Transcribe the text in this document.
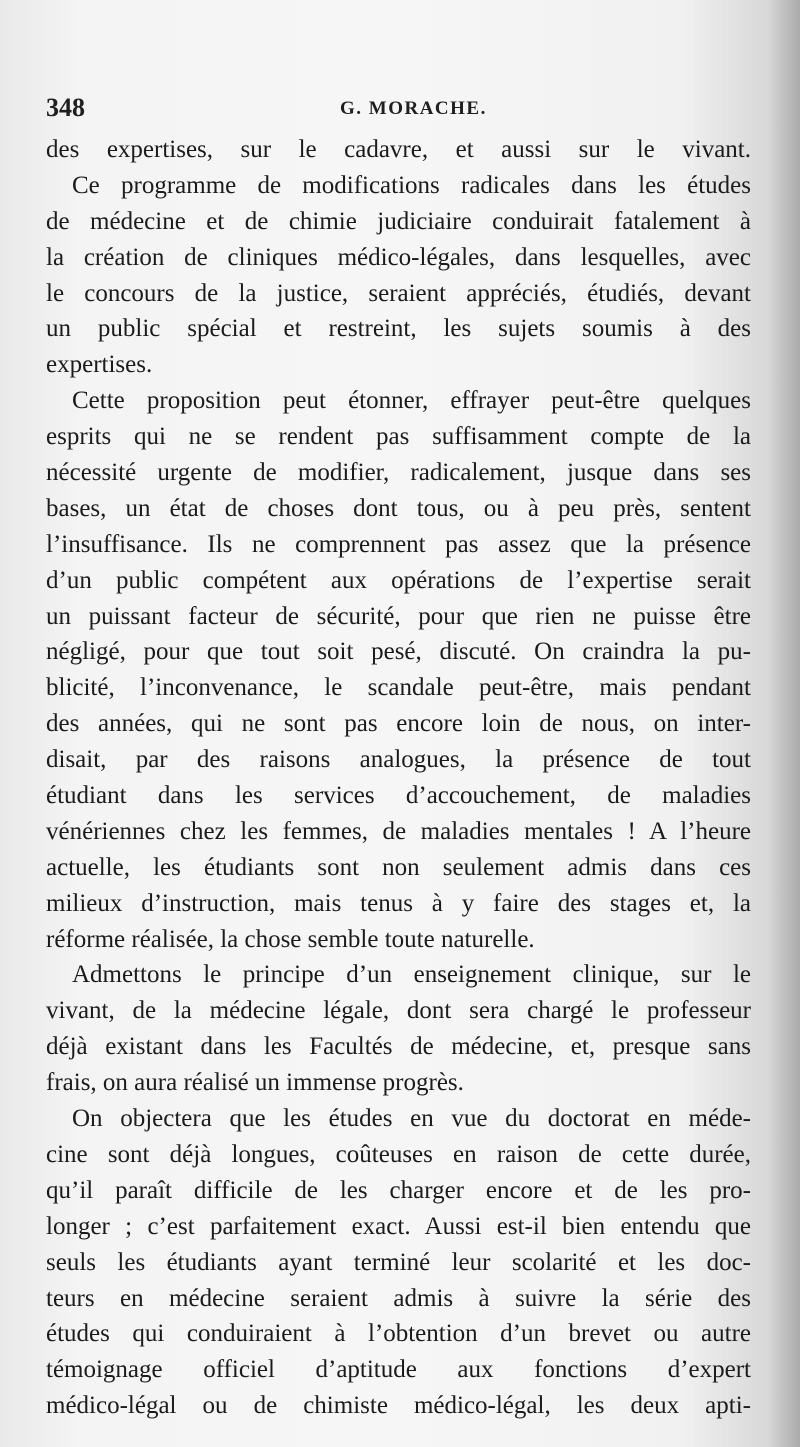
348	G. MORACHE.
des expertises, sur le cadavre, et aussi sur le vivant.
Ce programme de modifications radicales dans les études
de médecine et de chimie judiciaire conduirait fatalement à
la création de cliniques médico-légales, dans lesquelles, avec
le concours de la justice, seraient appréciés, étudiés, devant
un public spécial et restreint, les sujets soumis à des
expertises.
Cette proposition peut étonner, effrayer peut-être quelques
esprits qui ne se rendent pas suffisamment compte de la
nécessité urgente de modifier, radicalement, jusque dans ses
bases, un état de choses dont tous, ou à peu près, sentent
l’insuffisance. Ils ne comprennent pas assez que la présence
d’un public compétent aux opérations de l’expertise serait
un puissant facteur de sécurité, pour que rien ne puisse être
négligé, pour que tout soit pesé, discuté. On craindra la pu-
blicité, l’inconvenance, le scandale peut-être, mais pendant
des années, qui ne sont pas encore loin de nous, on inter-
disait, par des raisons analogues, la présence de tout
étudiant dans les services d’accouchement, de maladies
vénériennes chez les femmes, de maladies mentales ! A l’heure
actuelle, les étudiants sont non seulement admis dans ces
milieux d’instruction, mais tenus à y faire des stages et, la
réforme réalisée, la chose semble toute naturelle.
Admettons le principe d’un enseignement clinique, sur le
vivant, de la médecine légale, dont sera chargé le professeur
déjà existant dans les Facultés de médecine, et, presque sans
frais, on aura réalisé un immense progrès.
On objectera que les études en vue du doctorat en méde-
cine sont déjà longues, coûteuses en raison de cette durée,
qu’il paraît difficile de les charger encore et de les pro-
longer ; c’est parfaitement exact. Aussi est-il bien entendu que
seuls les étudiants ayant terminé leur scolarité et les doc-
teurs en médecine seraient admis à suivre la série des
études qui conduiraient à l’obtention d’un brevet ou autre
témoignage officiel d’aptitude aux fonctions d’expert
médico-légal ou de chimiste médico-légal, les deux apti-
